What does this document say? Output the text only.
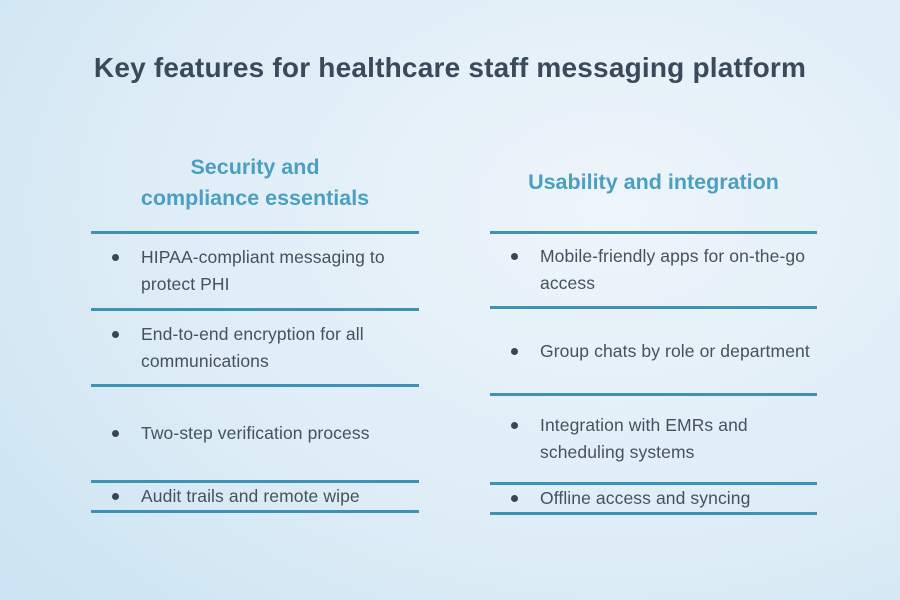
Key features for healthcare staff messaging platform
Security and
compliance essentials

HIPAA-compliant messaging to protect PHI

End-to-end encryption for all communications

Two-step verification process

Audit trails and remote wipe

Usability and integration

Mobile-friendly apps for on-the-go access

Group chats by role or department

Integration with EMRs and scheduling systems

Offline access and syncing
